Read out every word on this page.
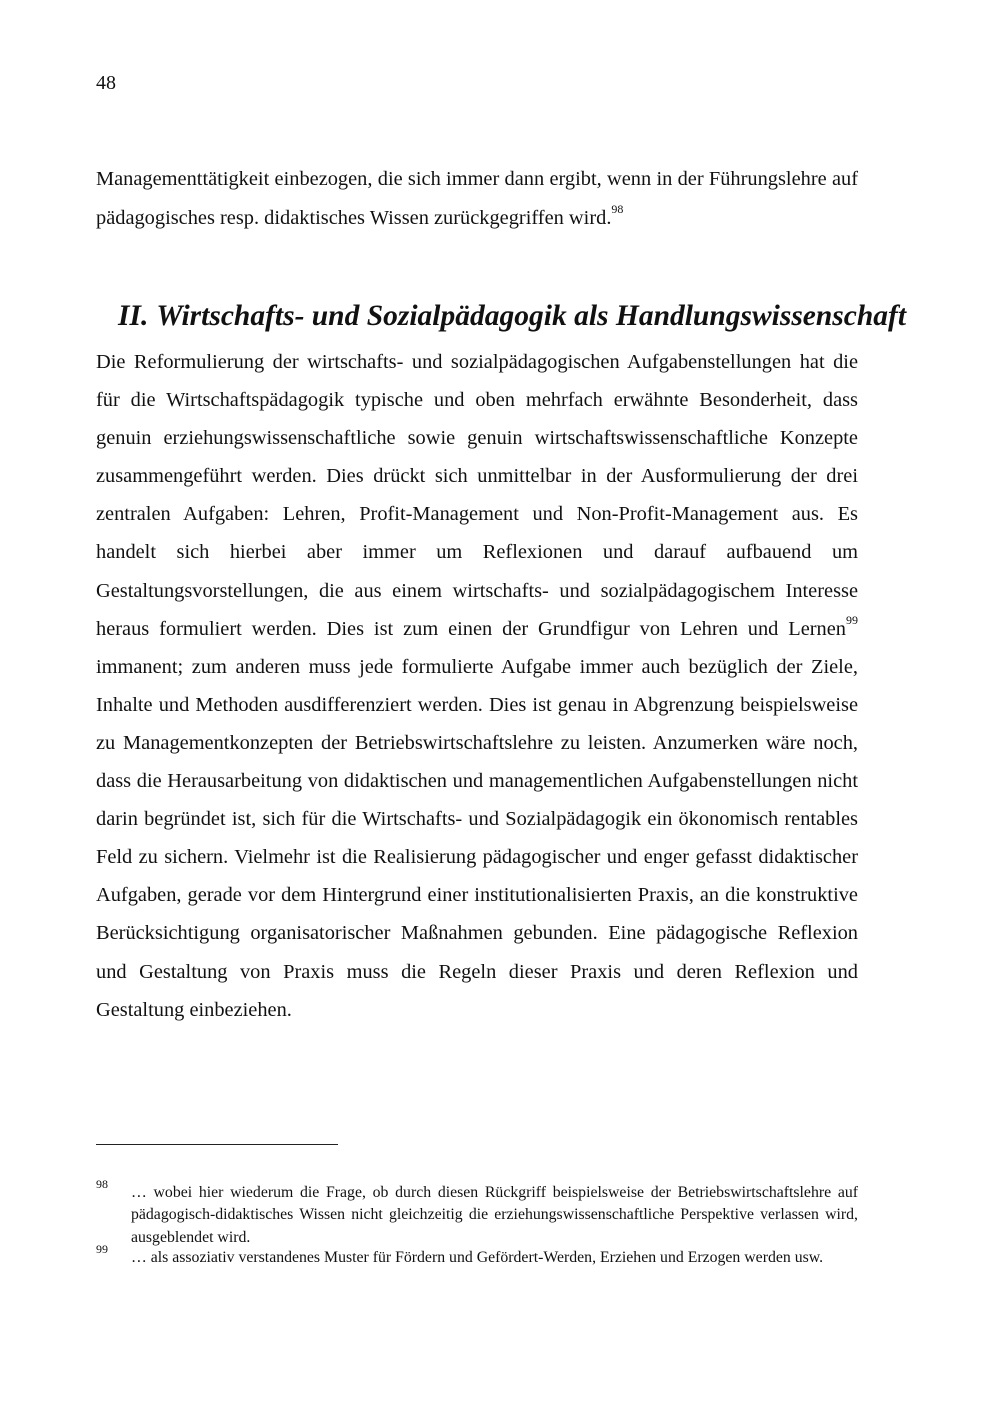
48

Managementtätigkeit einbezogen, die sich immer dann ergibt, wenn in der Führungslehre auf pädagogisches resp. didaktisches Wissen zurückgegriffen wird.$^{98}$

II. Wirtschafts- und Sozialpädagogik als Handlungswissenschaft

Die Reformulierung der wirtschafts- und sozialpädagogischen Aufgabenstellungen hat die für die Wirtschaftspädagogik typische und oben mehrfach erwähnte Besonderheit, dass genuin erziehungswissenschaftliche sowie genuin wirtschaftswissenschaftliche Konzepte zusammengeführt werden. Dies drückt sich unmittelbar in der Ausformulierung der drei zentralen Aufgaben: Lehren, Profit-Management und Non-Profit-Management aus. Es handelt sich hierbei aber immer um Reflexionen und darauf aufbauend um Gestaltungsvorstellungen, die aus einem wirtschafts- und sozialpädagogischem Interesse heraus formuliert werden. Dies ist zum einen der Grundfigur von Lehren und Lernen$^{99}$ immanent; zum anderen muss jede formulierte Aufgabe immer auch bezüglich der Ziele, Inhalte und Methoden ausdifferenziert werden. Dies ist genau in Abgrenzung beispielsweise zu Managementkonzepten der Betriebswirtschaftslehre zu leisten. Anzumerken wäre noch, dass die Herausarbeitung von didaktischen und managementlichen Aufgabenstellungen nicht darin begründet ist, sich für die Wirtschafts- und Sozialpädagogik ein ökonomisch rentables Feld zu sichern. Vielmehr ist die Realisierung pädagogischer und enger gefasst didaktischer Aufgaben, gerade vor dem Hintergrund einer institutionalisierten Praxis, an die konstruktive Berücksichtigung organisatorischer Maßnahmen gebunden. Eine pädagogische Reflexion und Gestaltung von Praxis muss die Regeln dieser Praxis und deren Reflexion und Gestaltung einbeziehen.

98 … wobei hier wiederum die Frage, ob durch diesen Rückgriff beispielsweise der Betriebswirtschaftslehre auf pädagogisch-didaktisches Wissen nicht gleichzeitig die erziehungswissenschaftliche Perspektive verlassen wird, ausgeblendet wird.
99 … als assoziativ verstandenes Muster für Fördern und Gefördert-Werden, Erziehen und Erzogen werden usw.
